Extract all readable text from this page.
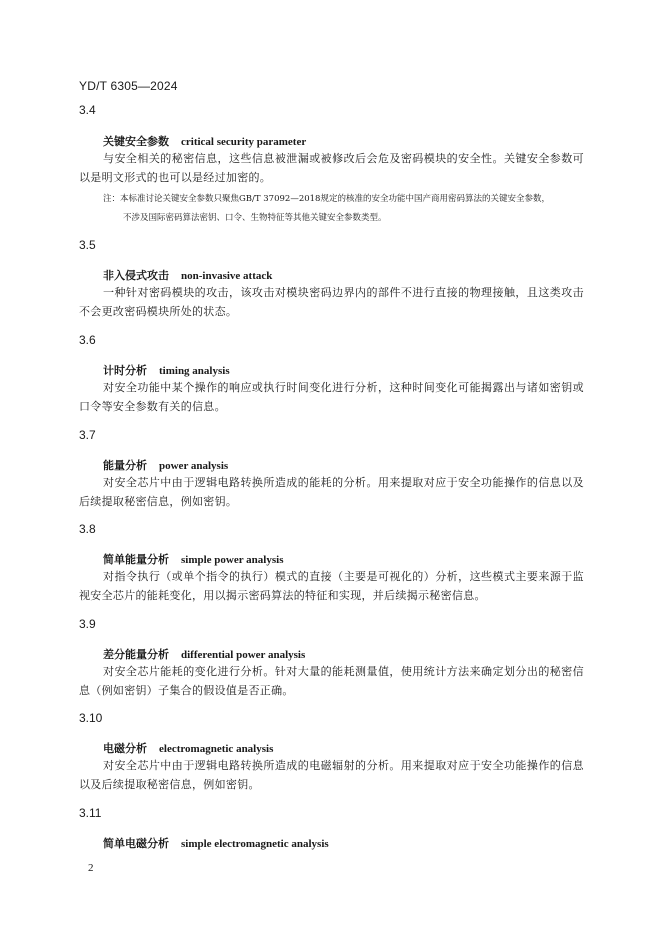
YD/T 6305—2024
3.4
关键安全参数 critical security parameter
与安全相关的秘密信息，这些信息被泄漏或被修改后会危及密码模块的安全性。关键安全参数可以是明文形式的也可以是经过加密的。
注：本标准讨论关键安全参数只聚焦GB/T 37092—2018规定的核准的安全功能中国产商用密码算法的关键安全参数，
不涉及国际密码算法密钥、口令、生物特征等其他关键安全参数类型。
3.5
非入侵式攻击 non-invasive attack
一种针对密码模块的攻击，该攻击对模块密码边界内的部件不进行直接的物理接触，且这类攻击不会更改密码模块所处的状态。
3.6
计时分析 timing analysis
对安全功能中某个操作的响应或执行时间变化进行分析，这种时间变化可能揭露出与诸如密钥或口令等安全参数有关的信息。
3.7
能量分析 power analysis
对安全芯片中由于逻辑电路转换所造成的能耗的分析。用来提取对应于安全功能操作的信息以及后续提取秘密信息，例如密钥。
3.8
简单能量分析 simple power analysis
对指令执行（或单个指令的执行）模式的直接（主要是可视化的）分析，这些模式主要来源于监视安全芯片的能耗变化，用以揭示密码算法的特征和实现，并后续揭示秘密信息。
3.9
差分能量分析 differential power analysis
对安全芯片能耗的变化进行分析。针对大量的能耗测量值，使用统计方法来确定划分出的秘密信息（例如密钥）子集合的假设值是否正确。
3.10
电磁分析 electromagnetic analysis
对安全芯片中由于逻辑电路转换所造成的电磁辐射的分析。用来提取对应于安全功能操作的信息以及后续提取秘密信息，例如密钥。
3.11
简单电磁分析 simple electromagnetic analysis
2
